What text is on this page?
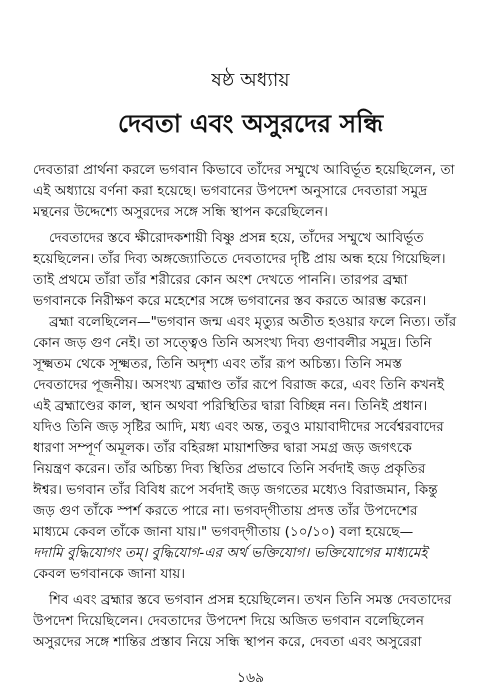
ষষ্ঠ অধ্যায়
দেবতা এবং অসুরদের সন্ধি
দেবতারা প্রার্থনা করলে ভগবান কিভাবে তাঁদের সম্মুখে আবির্ভূত হয়েছিলেন, তা
এই অধ্যায়ে বর্ণনা করা হয়েছে। ভগবানের উপদেশ অনুসারে দেবতারা সমুদ্র
মন্থনের উদ্দেশ্যে অসুরদের সঙ্গে সন্ধি স্থাপন করেছিলেন।
দেবতাদের স্তবে ক্ষীরোদকশায়ী বিষ্ণু প্রসন্ন হয়ে, তাঁদের সম্মুখে আবির্ভূত
হয়েছিলেন। তাঁর দিব্য অঙ্গজ্যোতিতে দেবতাদের দৃষ্টি প্রায় অন্ধ হয়ে গিয়েছিল।
তাই প্রথমে তাঁরা তাঁর শরীরের কোন অংশ দেখতে পাননি। তারপর ব্রহ্মা
ভগবানকে নিরীক্ষণ করে মহেশের সঙ্গে ভগবানের স্তব করতে আরম্ভ করেন।
ব্রহ্মা বলেছিলেন—"ভগবান জন্ম এবং মৃত্যুর অতীত হওয়ার ফলে নিত্য। তাঁর
কোন জড় গুণ নেই। তা সত্ত্বেও তিনি অসংখ্য দিব্য গুণাবলীর সমুদ্র। তিনি
সূক্ষ্মতম থেকে সূক্ষ্মতর, তিনি অদৃশ্য এবং তাঁর রূপ অচিন্ত্য। তিনি সমস্ত
দেবতাদের পূজনীয়। অসংখ্য ব্রহ্মাণ্ড তাঁর রূপে বিরাজ করে, এবং তিনি কখনই
এই ব্রহ্মাণ্ডের কাল, স্থান অথবা পরিস্থিতির দ্বারা বিচ্ছিন্ন নন। তিনিই প্রধান।
যদিও তিনি জড় সৃষ্টির আদি, মধ্য এবং অন্ত, তবুও মায়াবাদীদের সর্বেশ্বরবাদের
ধারণা সম্পূর্ণ অমূলক। তাঁর বহিরঙ্গা মায়াশক্তির দ্বারা সমগ্র জড় জগৎকে
নিয়ন্ত্রণ করেন। তাঁর অচিন্ত্য দিব্য স্থিতির প্রভাবে তিনি সর্বদাই জড় প্রকৃতির
ঈশ্বর। ভগবান তাঁর বিবিধ রূপে সর্বদাই জড় জগতের মধ্যেও বিরাজমান, কিন্তু
জড় গুণ তাঁকে স্পর্শ করতে পারে না। ভগবদ্‌গীতায় প্রদত্ত তাঁর উপদেশের
মাধ্যমে কেবল তাঁকে জানা যায়।" ভগবদ্‌গীতায় (১০/১০) বলা হয়েছে—
দদামি বুদ্ধিযোগং তম্‌। বুদ্ধিযোগ-এর অর্থ ভক্তিযোগ। ভক্তিযোগের মাধ্যমেই
কেবল ভগবানকে জানা যায়।
শিব এবং ব্রহ্মার স্তবে ভগবান প্রসন্ন হয়েছিলেন। তখন তিনি সমস্ত দেবতাদের
উপদেশ দিয়েছিলেন। দেবতাদের উপদেশ দিয়ে অজিত ভগবান বলেছিলেন
অসুরদের সঙ্গে শান্তির প্রস্তাব নিয়ে সন্ধি স্থাপন করে, দেবতা এবং অসুরেরা
১৬৯
